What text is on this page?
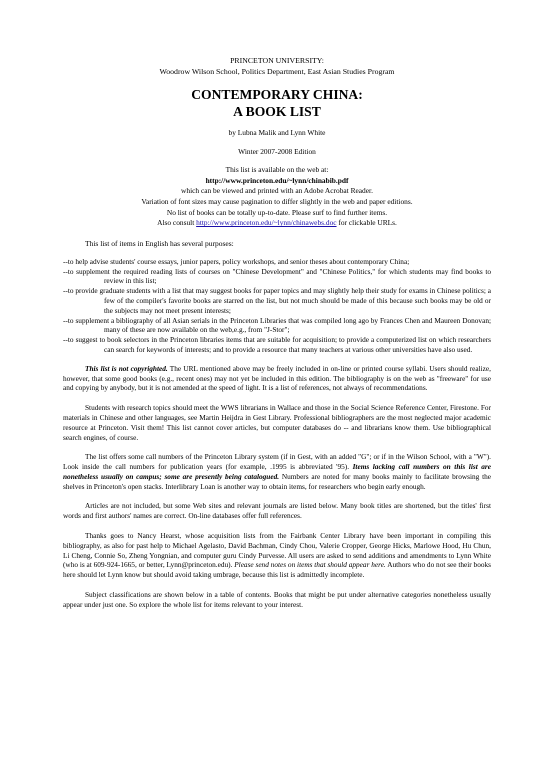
PRINCETON UNIVERSITY:
Woodrow Wilson School, Politics Department, East Asian Studies Program
CONTEMPORARY CHINA:
A BOOK LIST
by Lubna Malik and Lynn White
Winter 2007-2008 Edition
This list is available on the web at:
http://www.princeton.edu/~lynn/chinabib.pdf
which can be viewed and printed with an Adobe Acrobat Reader.
Variation of font sizes may cause pagination to differ slightly in the web and paper editions.
No list of books can be totally up-to-date. Please surf to find further items.
Also consult http://www.princeton.edu/~lynn/chinawebs.doc for clickable URLs.
This list of items in English has several purposes:
--to help advise students' course essays, junior papers, policy workshops, and senior theses about contemporary China;
--to supplement the required reading lists of courses on "Chinese Development" and "Chinese Politics," for which students may find books to review in this list;
--to provide graduate students with a list that may suggest books for paper topics and may slightly help their study for exams in Chinese politics; a few of the compiler's favorite books are starred on the list, but not much should be made of this because such books may be old or the subjects may not meet present interests;
--to supplement a bibliography of all Asian serials in the Princeton Libraries that was compiled long ago by Frances Chen and Maureen Donovan; many of these are now available on the web,e.g., from "J-Stor";
--to suggest to book selectors in the Princeton libraries items that are suitable for acquisition; to provide a computerized list on which researchers can search for keywords of interests; and to provide a resource that many teachers at various other universities have also used.
This list is not copyrighted. The URL mentioned above may be freely included in on-line or printed course syllabi. Users should realize, however, that some good books (e.g., recent ones) may not yet be included in this edition. The bibliography is on the web as "freeware" for use and copying by anybody, but it is not amended at the speed of light. It is a list of references, not always of recommendations.
Students with research topics should meet the WWS librarians in Wallace and those in the Social Science Reference Center, Firestone. For materials in Chinese and other languages, see Martin Heijdra in Gest Library. Professional bibliographers are the most neglected major academic resource at Princeton. Visit them! This list cannot cover articles, but computer databases do -- and librarians know them. Use bibliographical search engines, of course.
The list offers some call numbers of the Princeton Library system (if in Gest, with an added "G"; or if in the Wilson School, with a "W"). Look inside the call numbers for publication years (for example, .1995 is abbreviated '95). Items lacking call numbers on this list are nonetheless usually on campus; some are presently being catalogued. Numbers are noted for many books mainly to facilitate browsing the shelves in Princeton's open stacks. Interlibrary Loan is another way to obtain items, for researchers who begin early enough.
Articles are not included, but some Web sites and relevant journals are listed below. Many book titles are shortened, but the titles' first words and first authors' names are correct. On-line databases offer full references.
Thanks goes to Nancy Hearst, whose acquisition lists from the Fairbank Center Library have been important in compiling this bibliography, as also for past help to Michael Agelasto, David Bachman, Cindy Chou, Valerie Cropper, George Hicks, Marlowe Hood, Hu Chun, Li Cheng, Connie So, Zheng Yongnian, and computer guru Cindy Purvesse. All users are asked to send additions and amendments to Lynn White (who is at 609-924-1665, or better, Lynn@princeton.edu). Please send notes on items that should appear here. Authors who do not see their books here should let Lynn know but should avoid taking umbrage, because this list is admittedly incomplete.
Subject classifications are shown below in a table of contents. Books that might be put under alternative categories nonetheless usually appear under just one. So explore the whole list for items relevant to your interest.
